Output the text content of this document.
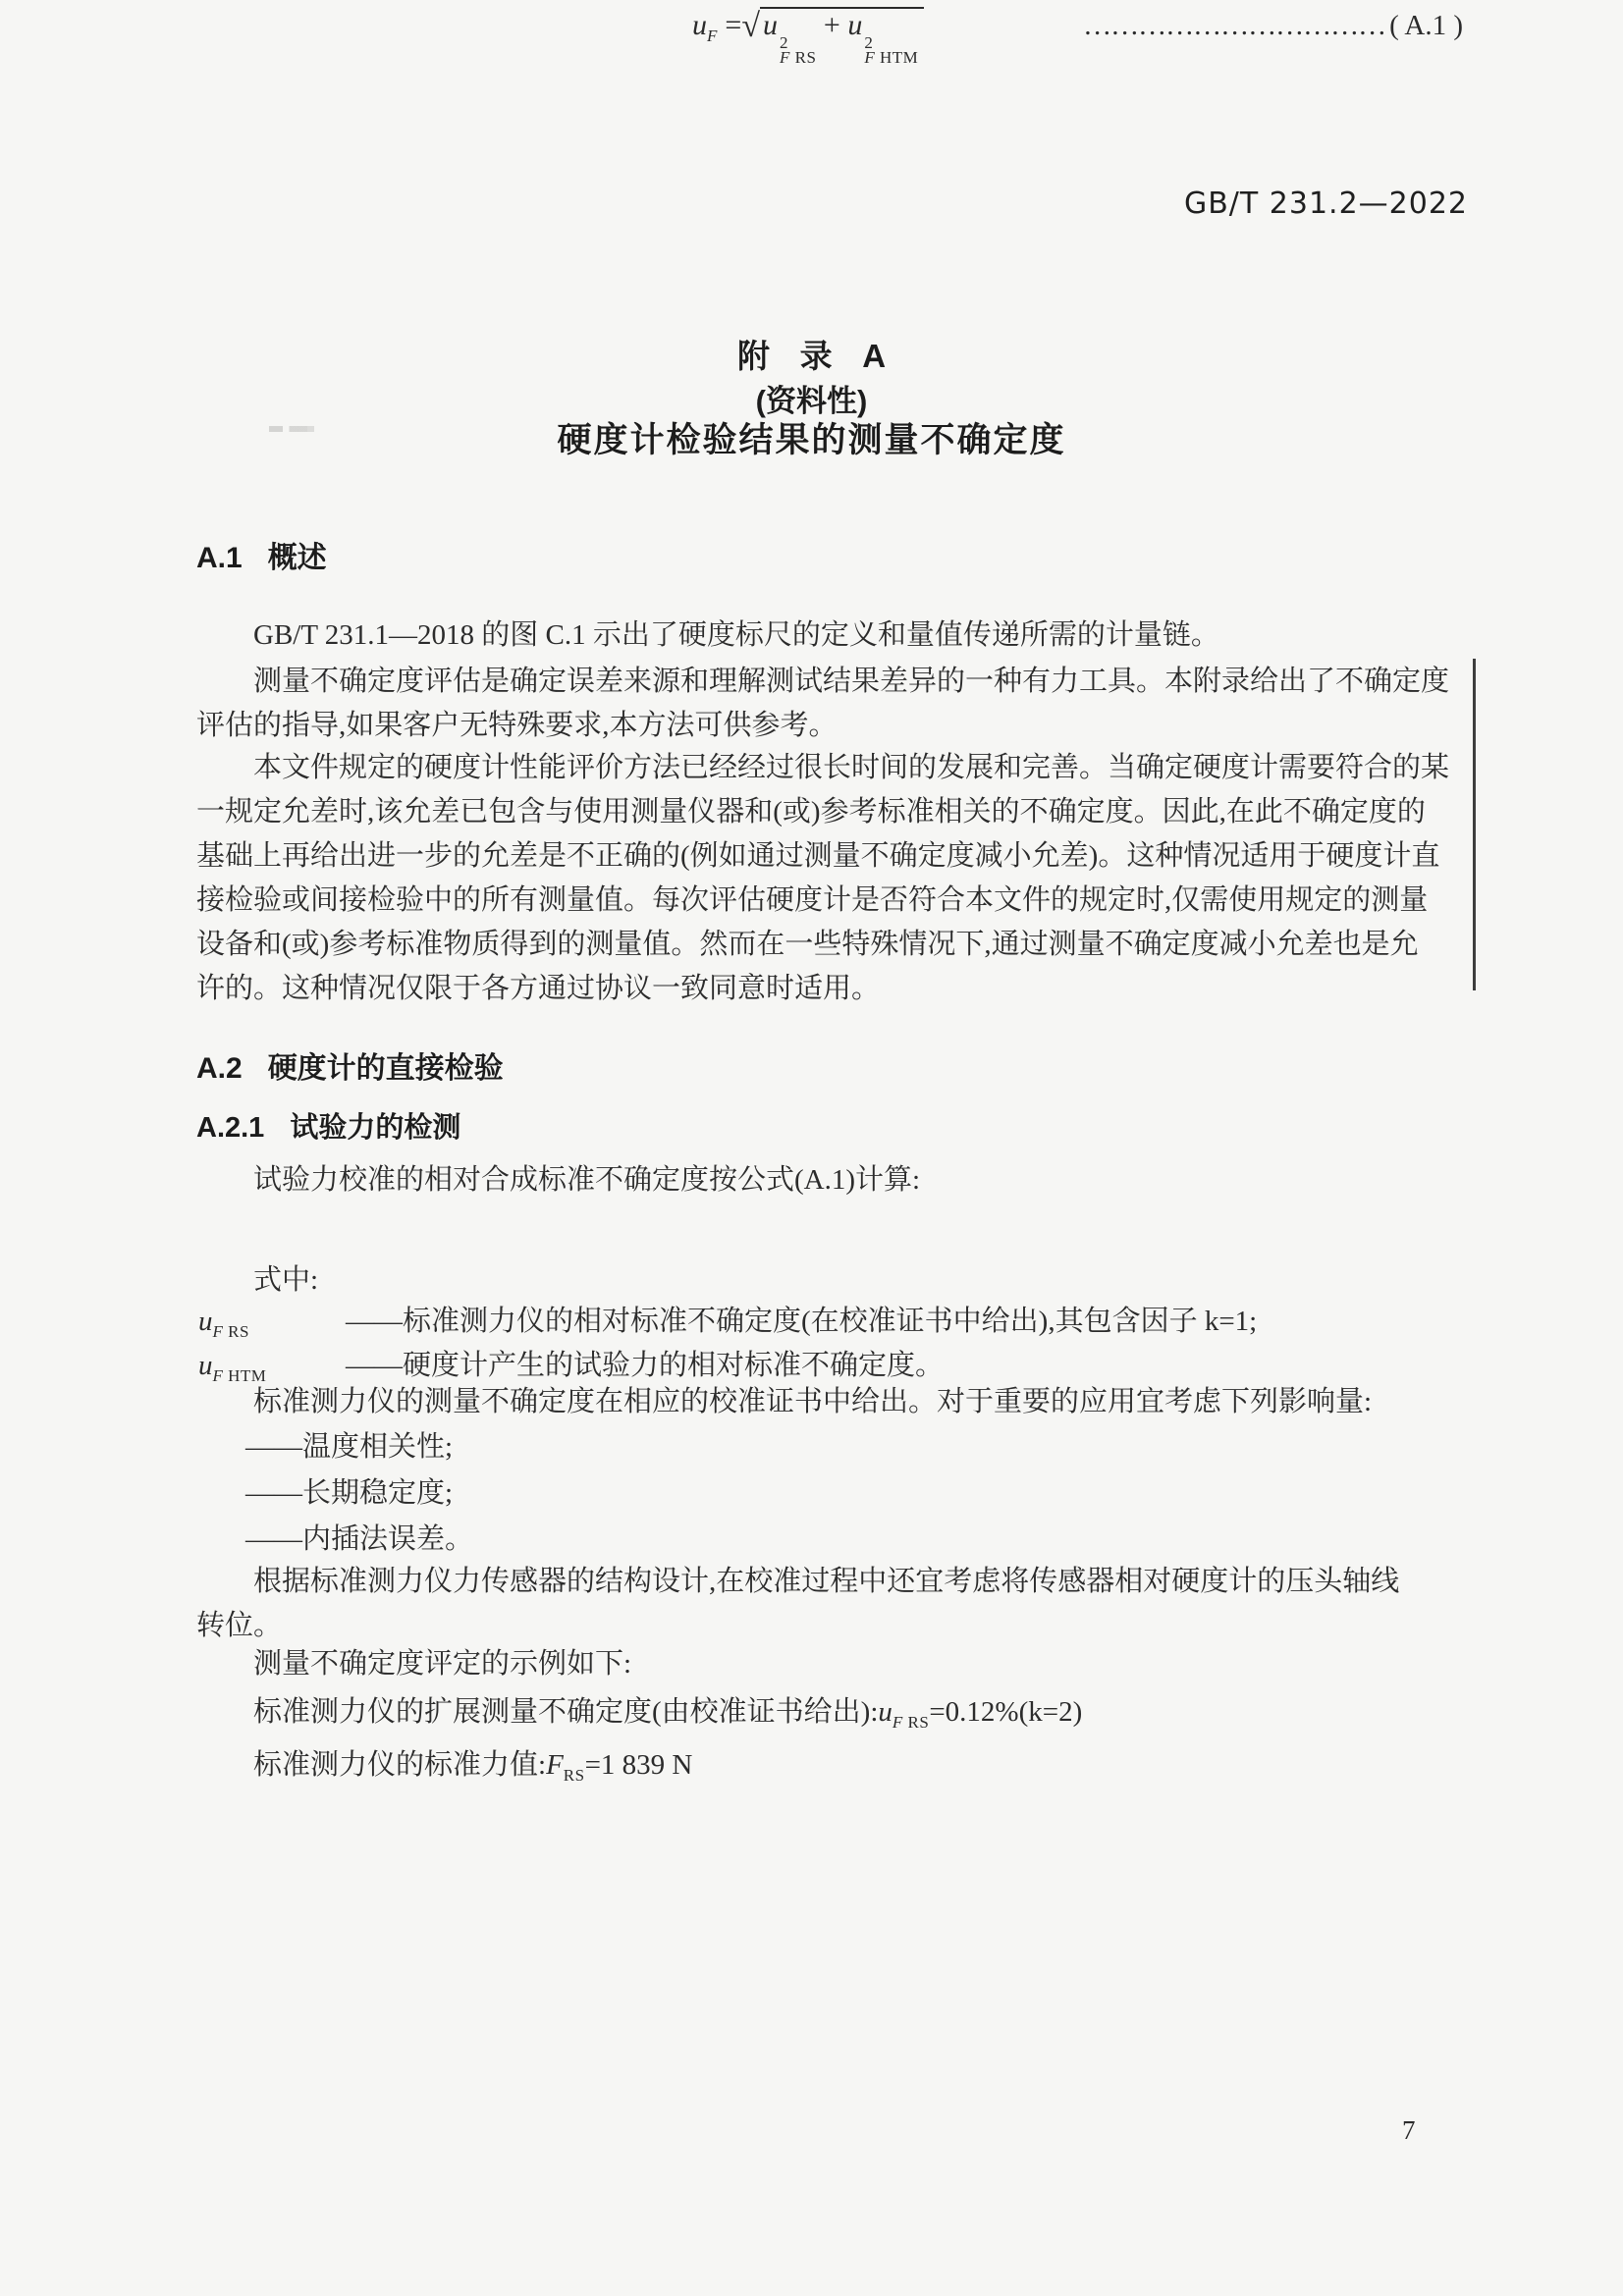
GB/T 231.2—2022
附 录 A
(资料性)
硬度计检验结果的测量不确定度
A.1 概述
GB/T 231.1—2018 的图 C.1 示出了硬度标尺的定义和量值传递所需的计量链。
测量不确定度评估是确定误差来源和理解测试结果差异的一种有力工具。本附录给出了不确定度
评估的指导,如果客户无特殊要求,本方法可供参考。
本文件规定的硬度计性能评价方法已经经过很长时间的发展和完善。当确定硬度计需要符合的某
一规定允差时,该允差已包含与使用测量仪器和(或)参考标准相关的不确定度。因此,在此不确定度的
基础上再给出进一步的允差是不正确的(例如通过测量不确定度减小允差)。这种情况适用于硬度计直
接检验或间接检验中的所有测量值。每次评估硬度计是否符合本文件的规定时,仅需使用规定的测量
设备和(或)参考标准物质得到的测量值。然而在一些特殊情况下,通过测量不确定度减小允差也是允
许的。这种情况仅限于各方通过协议一致同意时适用。
A.2 硬度计的直接检验
A.2.1 试验力的检测
试验力校准的相对合成标准不确定度按公式(A.1)计算:
$u_F$ =√ u
2
F RS
+ u
2
F HTM
…………………………… ( A.1 )
式中:
$u_{F RS}$	—— 标准测力仪的相对标准不确定度(在校准证书中给出),其包含因子 k=1;
$u_{F HTM}$	—— 硬度计产生的试验力的相对标准不确定度。
标准测力仪的测量不确定度在相应的校准证书中给出。对于重要的应用宜考虑下列影响量:
——温度相关性;
——长期稳定度;
——内插法误差。
根据标准测力仪力传感器的结构设计,在校准过程中还宜考虑将传感器相对硬度计的压头轴线
转位。
测量不确定度评定的示例如下:
标准测力仪的扩展测量不确定度(由校准证书给出)$:u_{F RS}=0.12\%(k=2)$
标准测力仪的标准力值$:F_{RS}=1$ 839 N
7
